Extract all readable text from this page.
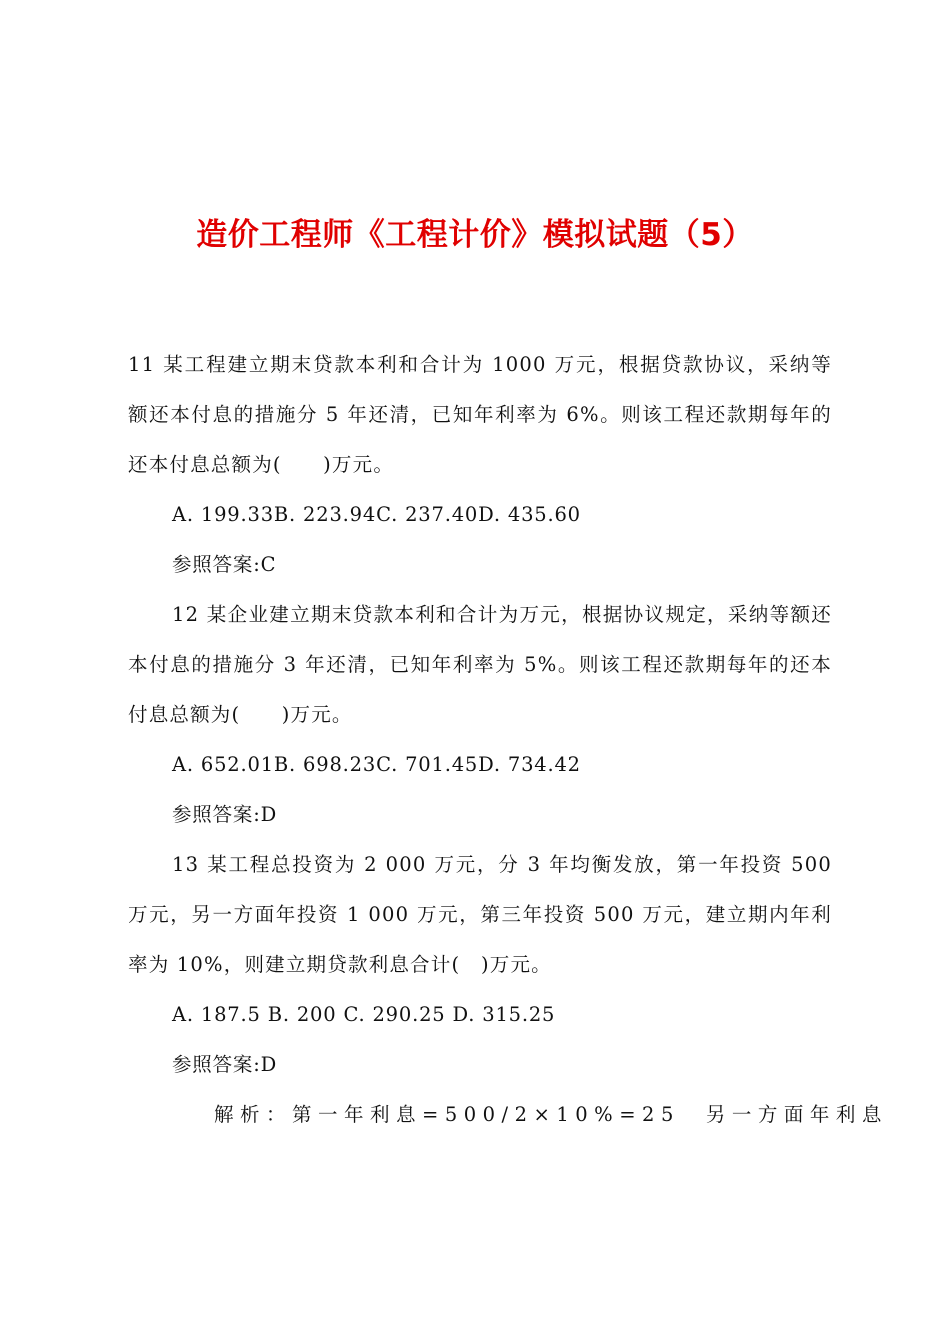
造价工程师《工程计价》模拟试题（5）

11 某工程建立期末贷款本利和合计为 1000 万元，根据贷款协议，采纳等额还本付息的措施分 5 年还清，已知年利率为 6%。则该工程还款期每年的还本付息总额为(　　)万元。

A. 199.33B. 223.94C. 237.40D. 435.60

参照答案:C

12 某企业建立期末贷款本利和合计为万元，根据协议规定，采纳等额还本付息的措施分 3 年还清，已知年利率为 5%。则该工程还款期每年的还本付息总额为(　　)万元。

A. 652.01B. 698.23C. 701.45D. 734.42

参照答案:D

13 某工程总投资为 2 000 万元，分 3 年均衡发放，第一年投资 500 万元，另一方面年投资 1 000 万元，第三年投资 500 万元，建立期内年利率为 10%，则建立期贷款利息合计(　)万元。

A. 187.5 B. 200 C. 290.25 D. 315.25

参照答案:D

解析：第一年利息=500/2×10%=25　另一方面年利息
